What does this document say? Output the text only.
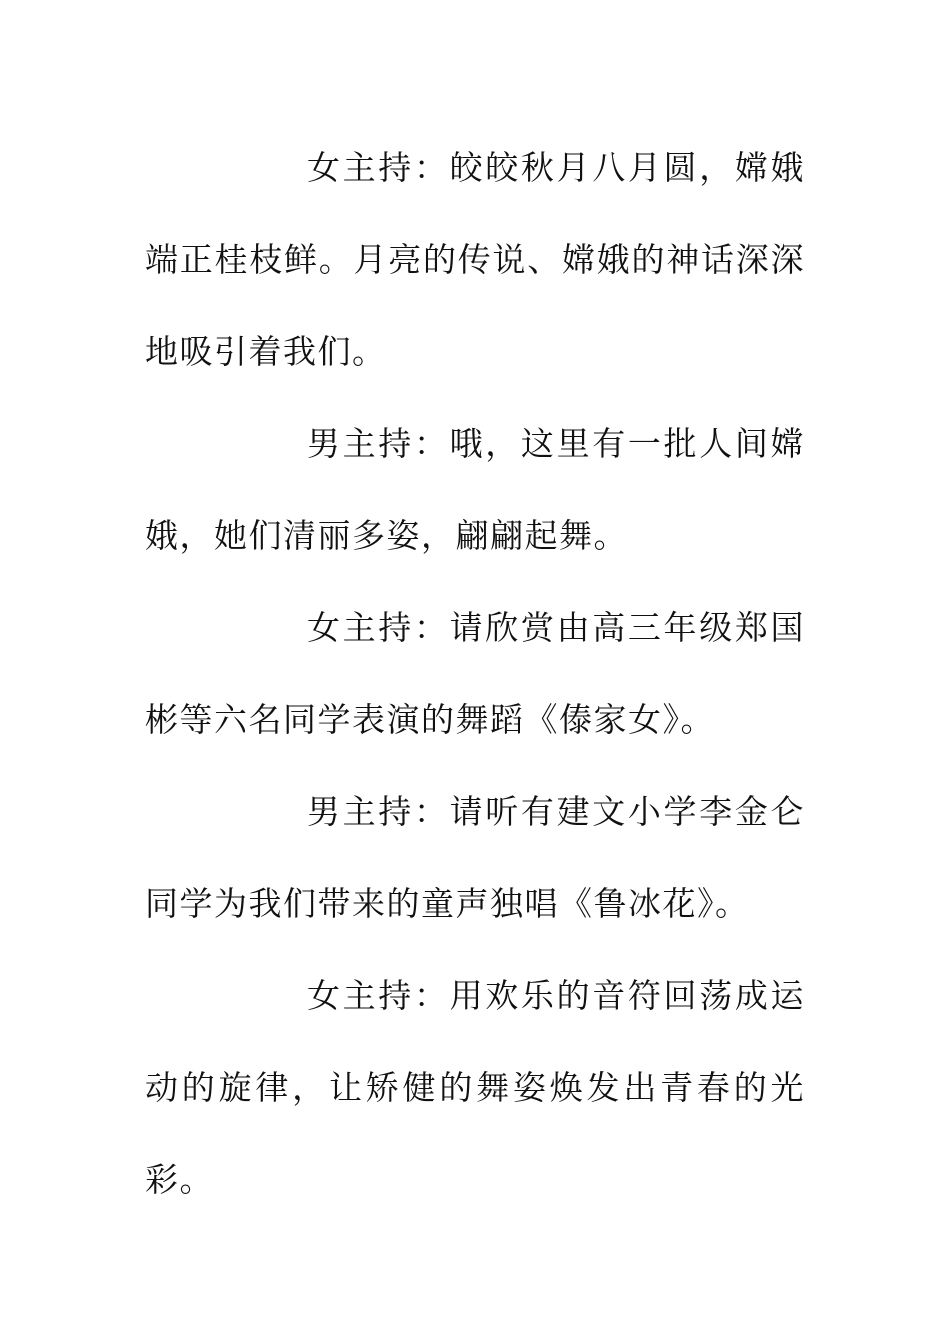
女主持：皎皎秋月八月圆，嫦娥端正桂枝鲜。月亮的传说、嫦娥的神话深深地吸引着我们。

男主持：哦，这里有一批人间嫦娥，她们清丽多姿，翩翩起舞。

女主持：请欣赏由高三年级郑国彬等六名同学表演的舞蹈《傣家女》。

男主持：请听有建文小学李金仑同学为我们带来的童声独唱《鲁冰花》。

女主持：用欢乐的音符回荡成运动的旋律，让矫健的舞姿焕发出青春的光彩。
